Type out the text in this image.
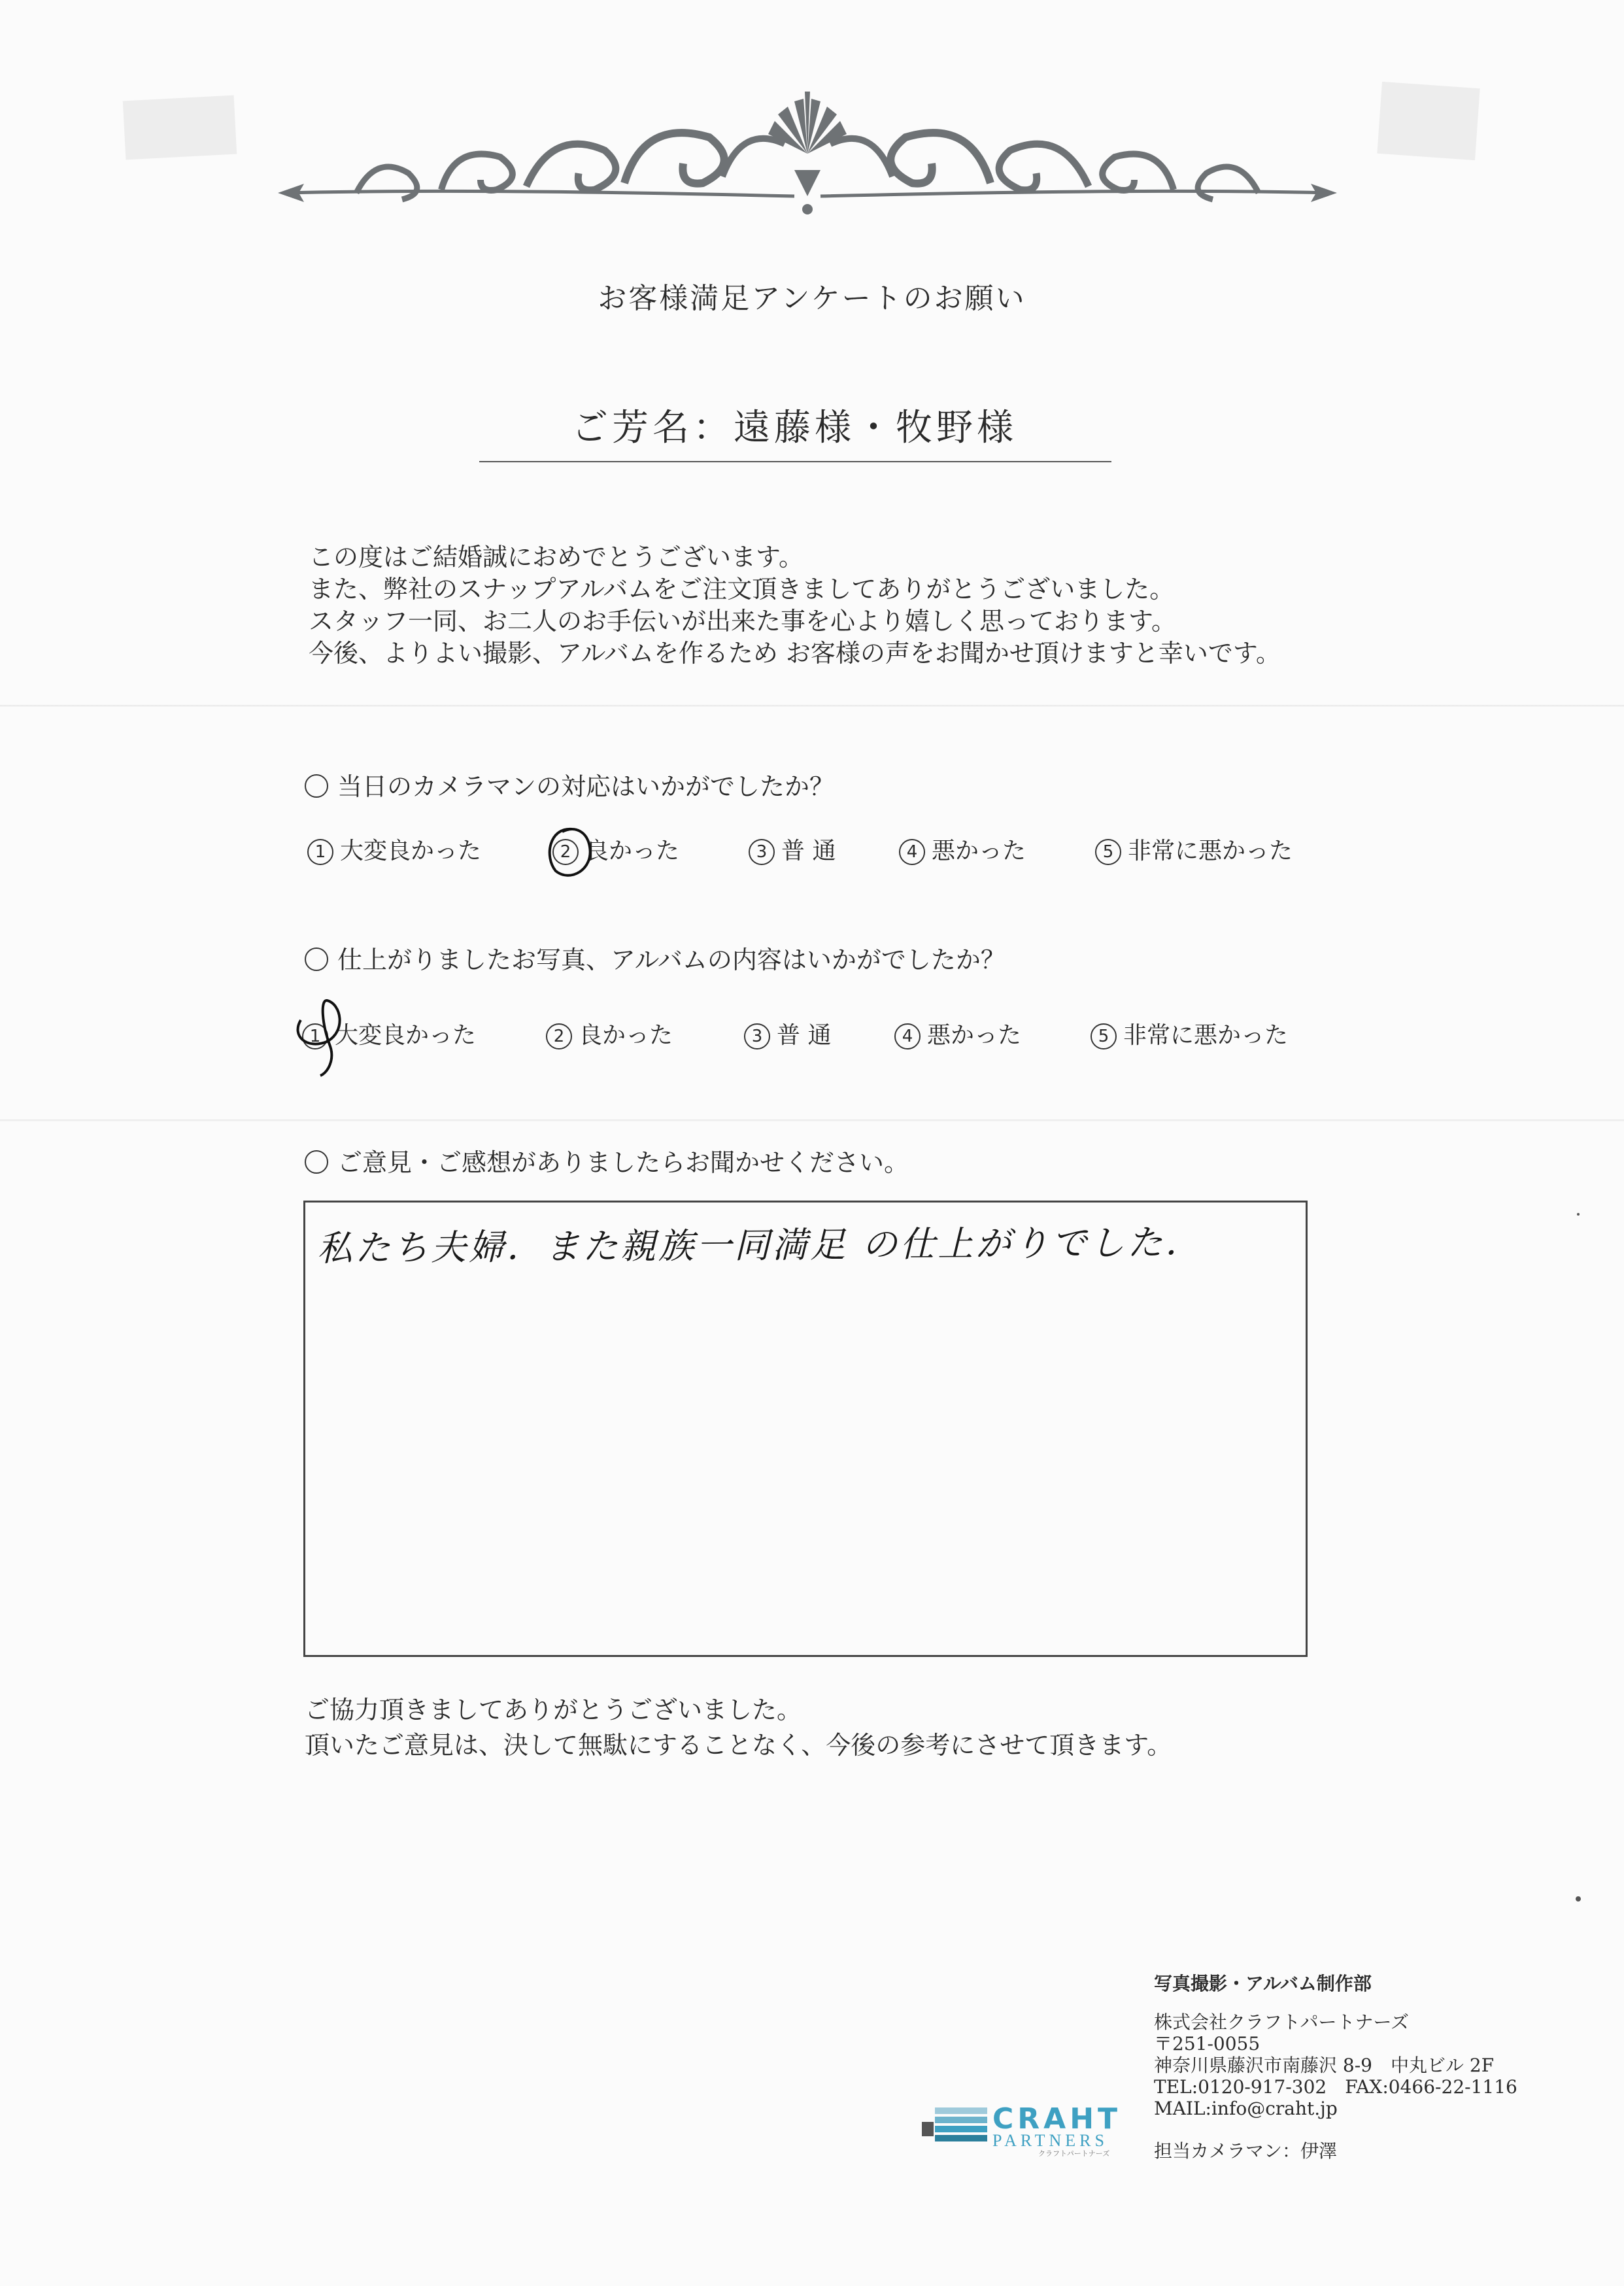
お客様満足アンケートのお願い
ご芳名：遠藤様・牧野様
この度はご結婚誠におめでとうございます。
また、弊社のスナップアルバムをご注文頂きましてありがとうございました。
スタッフ一同、お二人のお手伝いが出来た事を心より嬉しく思っております。
今後、よりよい撮影、アルバムを作るため お客様の声をお聞かせ頂けますと幸いです。
当日のカメラマンの対応はいかがでしたか？
1 大変良かった	2 良かった	3 普 通	4 悪かった	5 非常に悪かった
仕上がりましたお写真、アルバムの内容はいかがでしたか？
1 大変良かった	2 良かった	3 普 通	4 悪かった	5 非常に悪かった
ご意見・ご感想がありましたらお聞かせください。
私たち夫婦．また親族一同満足 の仕上がりでした．
ご協力頂きましてありがとうございました。
頂いたご意見は、決して無駄にすることなく、今後の参考にさせて頂きます。
写真撮影・アルバム制作部
株式会社クラフトパートナーズ
〒251-0055
神奈川県藤沢市南藤沢 8-9　中丸ビル 2F
TEL:0120-917-302　FAX:0466-22-1116
MAIL:info@craht.jp
担当カメラマン：伊澤
CRAHT
PARTNERS
クラフトパートナーズ
